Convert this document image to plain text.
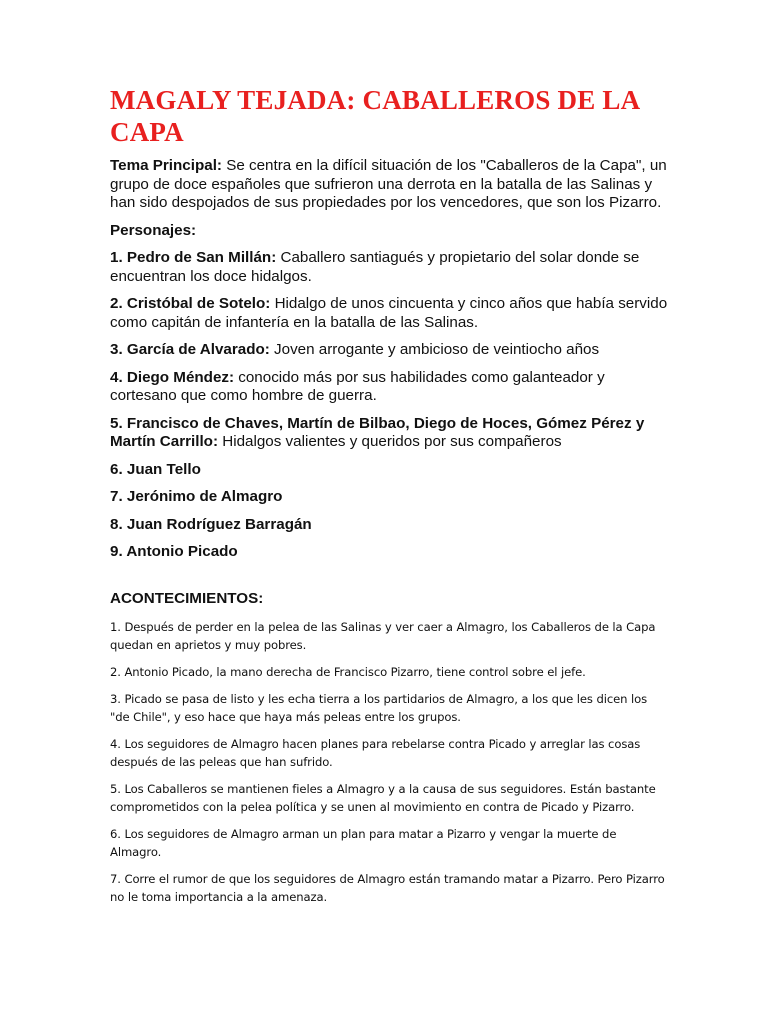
MAGALY TEJADA: CABALLEROS DE LA CAPA

Tema Principal: Se centra en la difícil situación de los "Caballeros de la Capa", un grupo de doce españoles que sufrieron una derrota en la batalla de las Salinas y han sido despojados de sus propiedades por los vencedores, que son los Pizarro.

Personajes:

1. Pedro de San Millán: Caballero santiagués y propietario del solar donde se encuentran los doce hidalgos.

2. Cristóbal de Sotelo: Hidalgo de unos cincuenta y cinco años que había servido como capitán de infantería en la batalla de las Salinas.

3. García de Alvarado: Joven arrogante y ambicioso de veintiocho años

4. Diego Méndez: conocido más por sus habilidades como galanteador y cortesano que como hombre de guerra.

5. Francisco de Chaves, Martín de Bilbao, Diego de Hoces, Gómez Pérez y Martín Carrillo: Hidalgos valientes y queridos por sus compañeros

6. Juan Tello

7. Jerónimo de Almagro

8. Juan Rodríguez Barragán

9. Antonio Picado

ACONTECIMIENTOS:

1. Después de perder en la pelea de las Salinas y ver caer a Almagro, los Caballeros de la Capa quedan en aprietos y muy pobres.

2. Antonio Picado, la mano derecha de Francisco Pizarro, tiene control sobre el jefe.

3. Picado se pasa de listo y les echa tierra a los partidarios de Almagro, a los que les dicen los "de Chile", y eso hace que haya más peleas entre los grupos.

4. Los seguidores de Almagro hacen planes para rebelarse contra Picado y arreglar las cosas después de las peleas que han sufrido.

5. Los Caballeros se mantienen fieles a Almagro y a la causa de sus seguidores. Están bastante comprometidos con la pelea política y se unen al movimiento en contra de Picado y Pizarro.

6. Los seguidores de Almagro arman un plan para matar a Pizarro y vengar la muerte de Almagro.

7. Corre el rumor de que los seguidores de Almagro están tramando matar a Pizarro. Pero Pizarro no le toma importancia a la amenaza.
